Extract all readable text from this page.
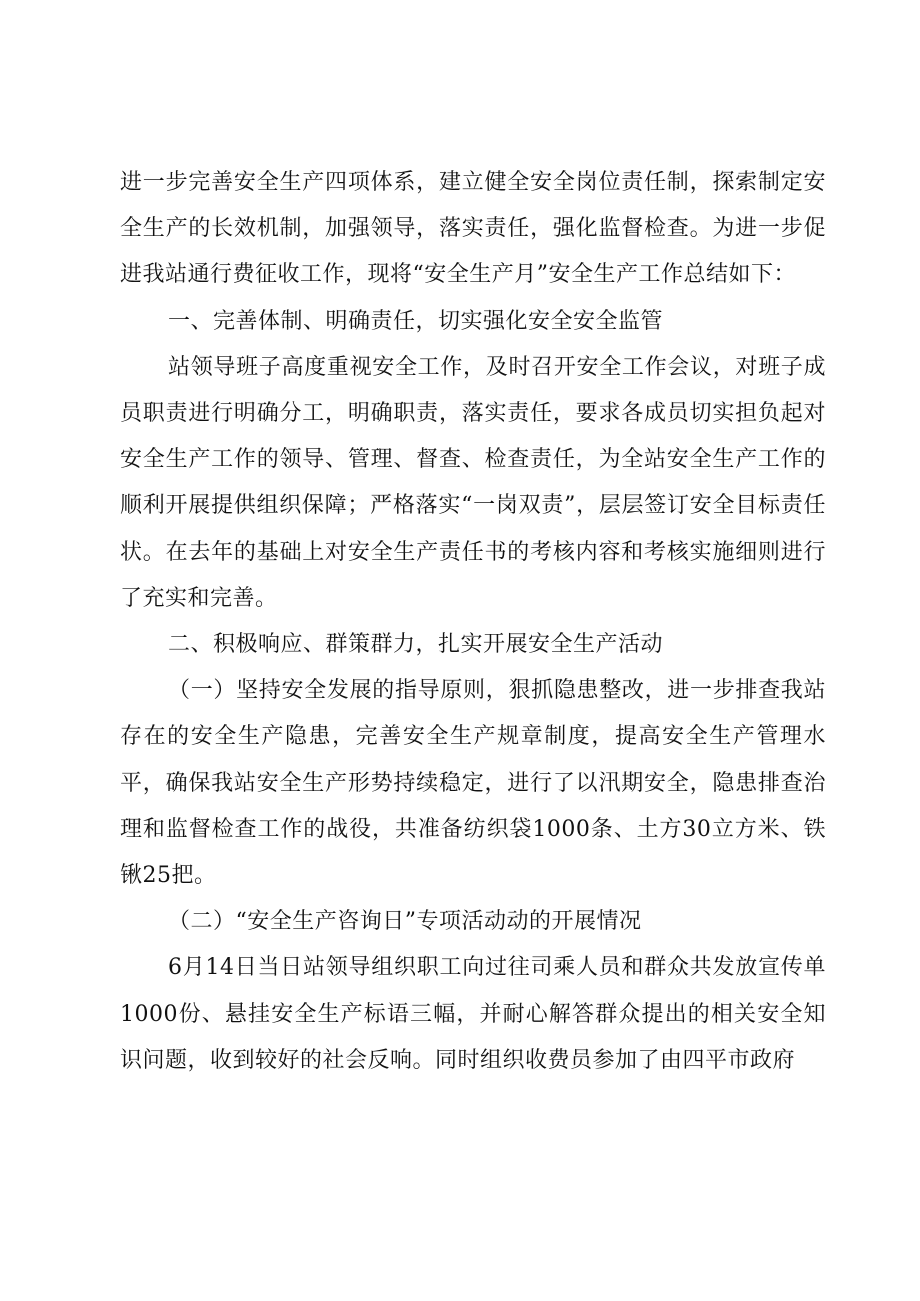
进一步完善安全生产四项体系，建立健全安全岗位责任制，探索制定安全生产的长效机制，加强领导，落实责任，强化监督检查。为进一步促进我站通行费征收工作，现将“安全生产月”安全生产工作总结如下：

一、完善体制、明确责任，切实强化安全安全监管

站领导班子高度重视安全工作，及时召开安全工作会议，对班子成员职责进行明确分工，明确职责，落实责任，要求各成员切实担负起对安全生产工作的领导、管理、督查、检查责任，为全站安全生产工作的顺利开展提供组织保障；严格落实“一岗双责”，层层签订安全目标责任状。在去年的基础上对安全生产责任书的考核内容和考核实施细则进行了充实和完善。

二、积极响应、群策群力，扎实开展安全生产活动

（一）坚持安全发展的指导原则，狠抓隐患整改，进一步排查我站存在的安全生产隐患，完善安全生产规章制度，提高安全生产管理水平，确保我站安全生产形势持续稳定，进行了以汛期安全，隐患排查治理和监督检查工作的战役，共准备纺织袋1000条、土方30立方米、铁锹25把。

（二）“安全生产咨询日”专项活动动的开展情况

6月14日当日站领导组织职工向过往司乘人员和群众共发放宣传单1000份、悬挂安全生产标语三幅，并耐心解答群众提出的相关安全知识问题，收到较好的社会反响。同时组织收费员参加了由四平市政府
